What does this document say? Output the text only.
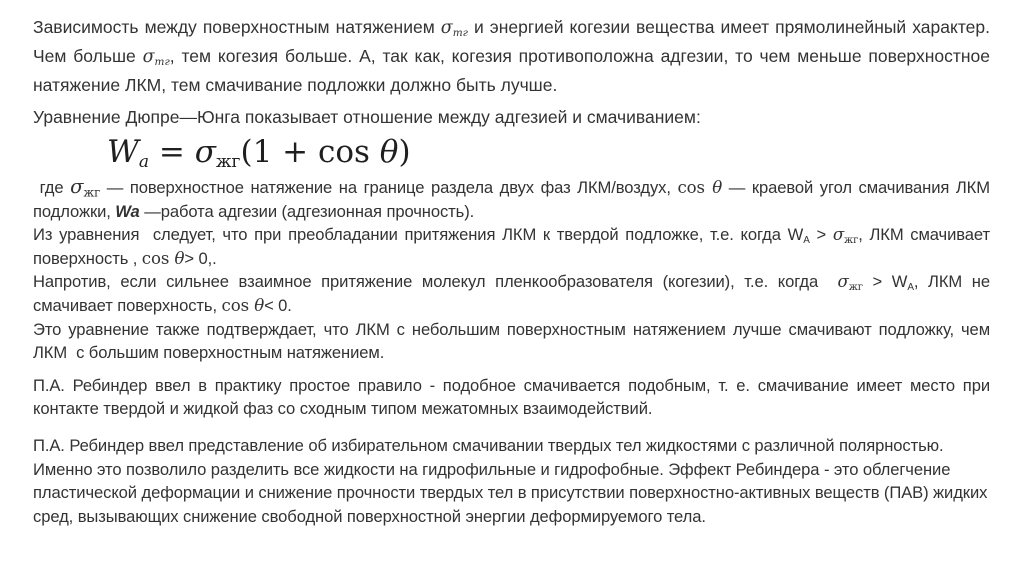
Зависимость между поверхностным натяжением $\sigma_{тг}$ и энергией когезии вещества имеет прямолинейный характер. Чем больше $\sigma_{тг}$, тем когезия больше. А, так как, когезия противоположна адгезии, то чем меньше поверхностное натяжение ЛКМ, тем смачивание подложки должно быть лучше.

Уравнение Дюпре—Юнга показывает отношение между адгезией и смачиванием:

$W_a = \sigma_{жг}(1 + \cos \theta)$

где $\sigma_{жг}$ — поверхностное натяжение на границе раздела двух фаз ЛКМ/воздух, cos θ — краевой угол смачивания ЛКМ подложки, Wa —работа адгезии (адгезионная прочность).

Из уравнения  следует, что при преобладании притяжения ЛКМ к твердой подложке, т.е. когда $W_А > \sigma_{жг}$, ЛКМ смачивает поверхность , cos θ> 0,.

Напротив, если сильнее взаимное притяжение молекул пленкообразователя (когезии), т.е. когда  $\sigma_{жг} > W_А$, ЛКМ не смачивает поверхность, cos θ< 0.

Это уравнение также подтверждает, что ЛКМ с небольшим поверхностным натяжением лучше смачивают подложку, чем ЛКМ  с большим поверхностным натяжением.

П.А. Ребиндер ввел в практику простое правило - подобное смачивается подобным, т. е. смачивание имеет место при контакте твердой и жидкой фаз со сходным типом межатомных взаимодействий.

П.А. Ребиндер ввел представление об избирательном смачивании твердых тел жидкостями с различной полярностью. Именно это позволило разделить все жидкости на гидрофильные и гидрофобные. Эффект Ребиндера - это облегчение пластической деформации и снижение прочности твердых тел в присутствии поверхностно-активных веществ (ПАВ) жидких сред, вызывающих снижение свободной поверхностной энергии деформируемого тела.
